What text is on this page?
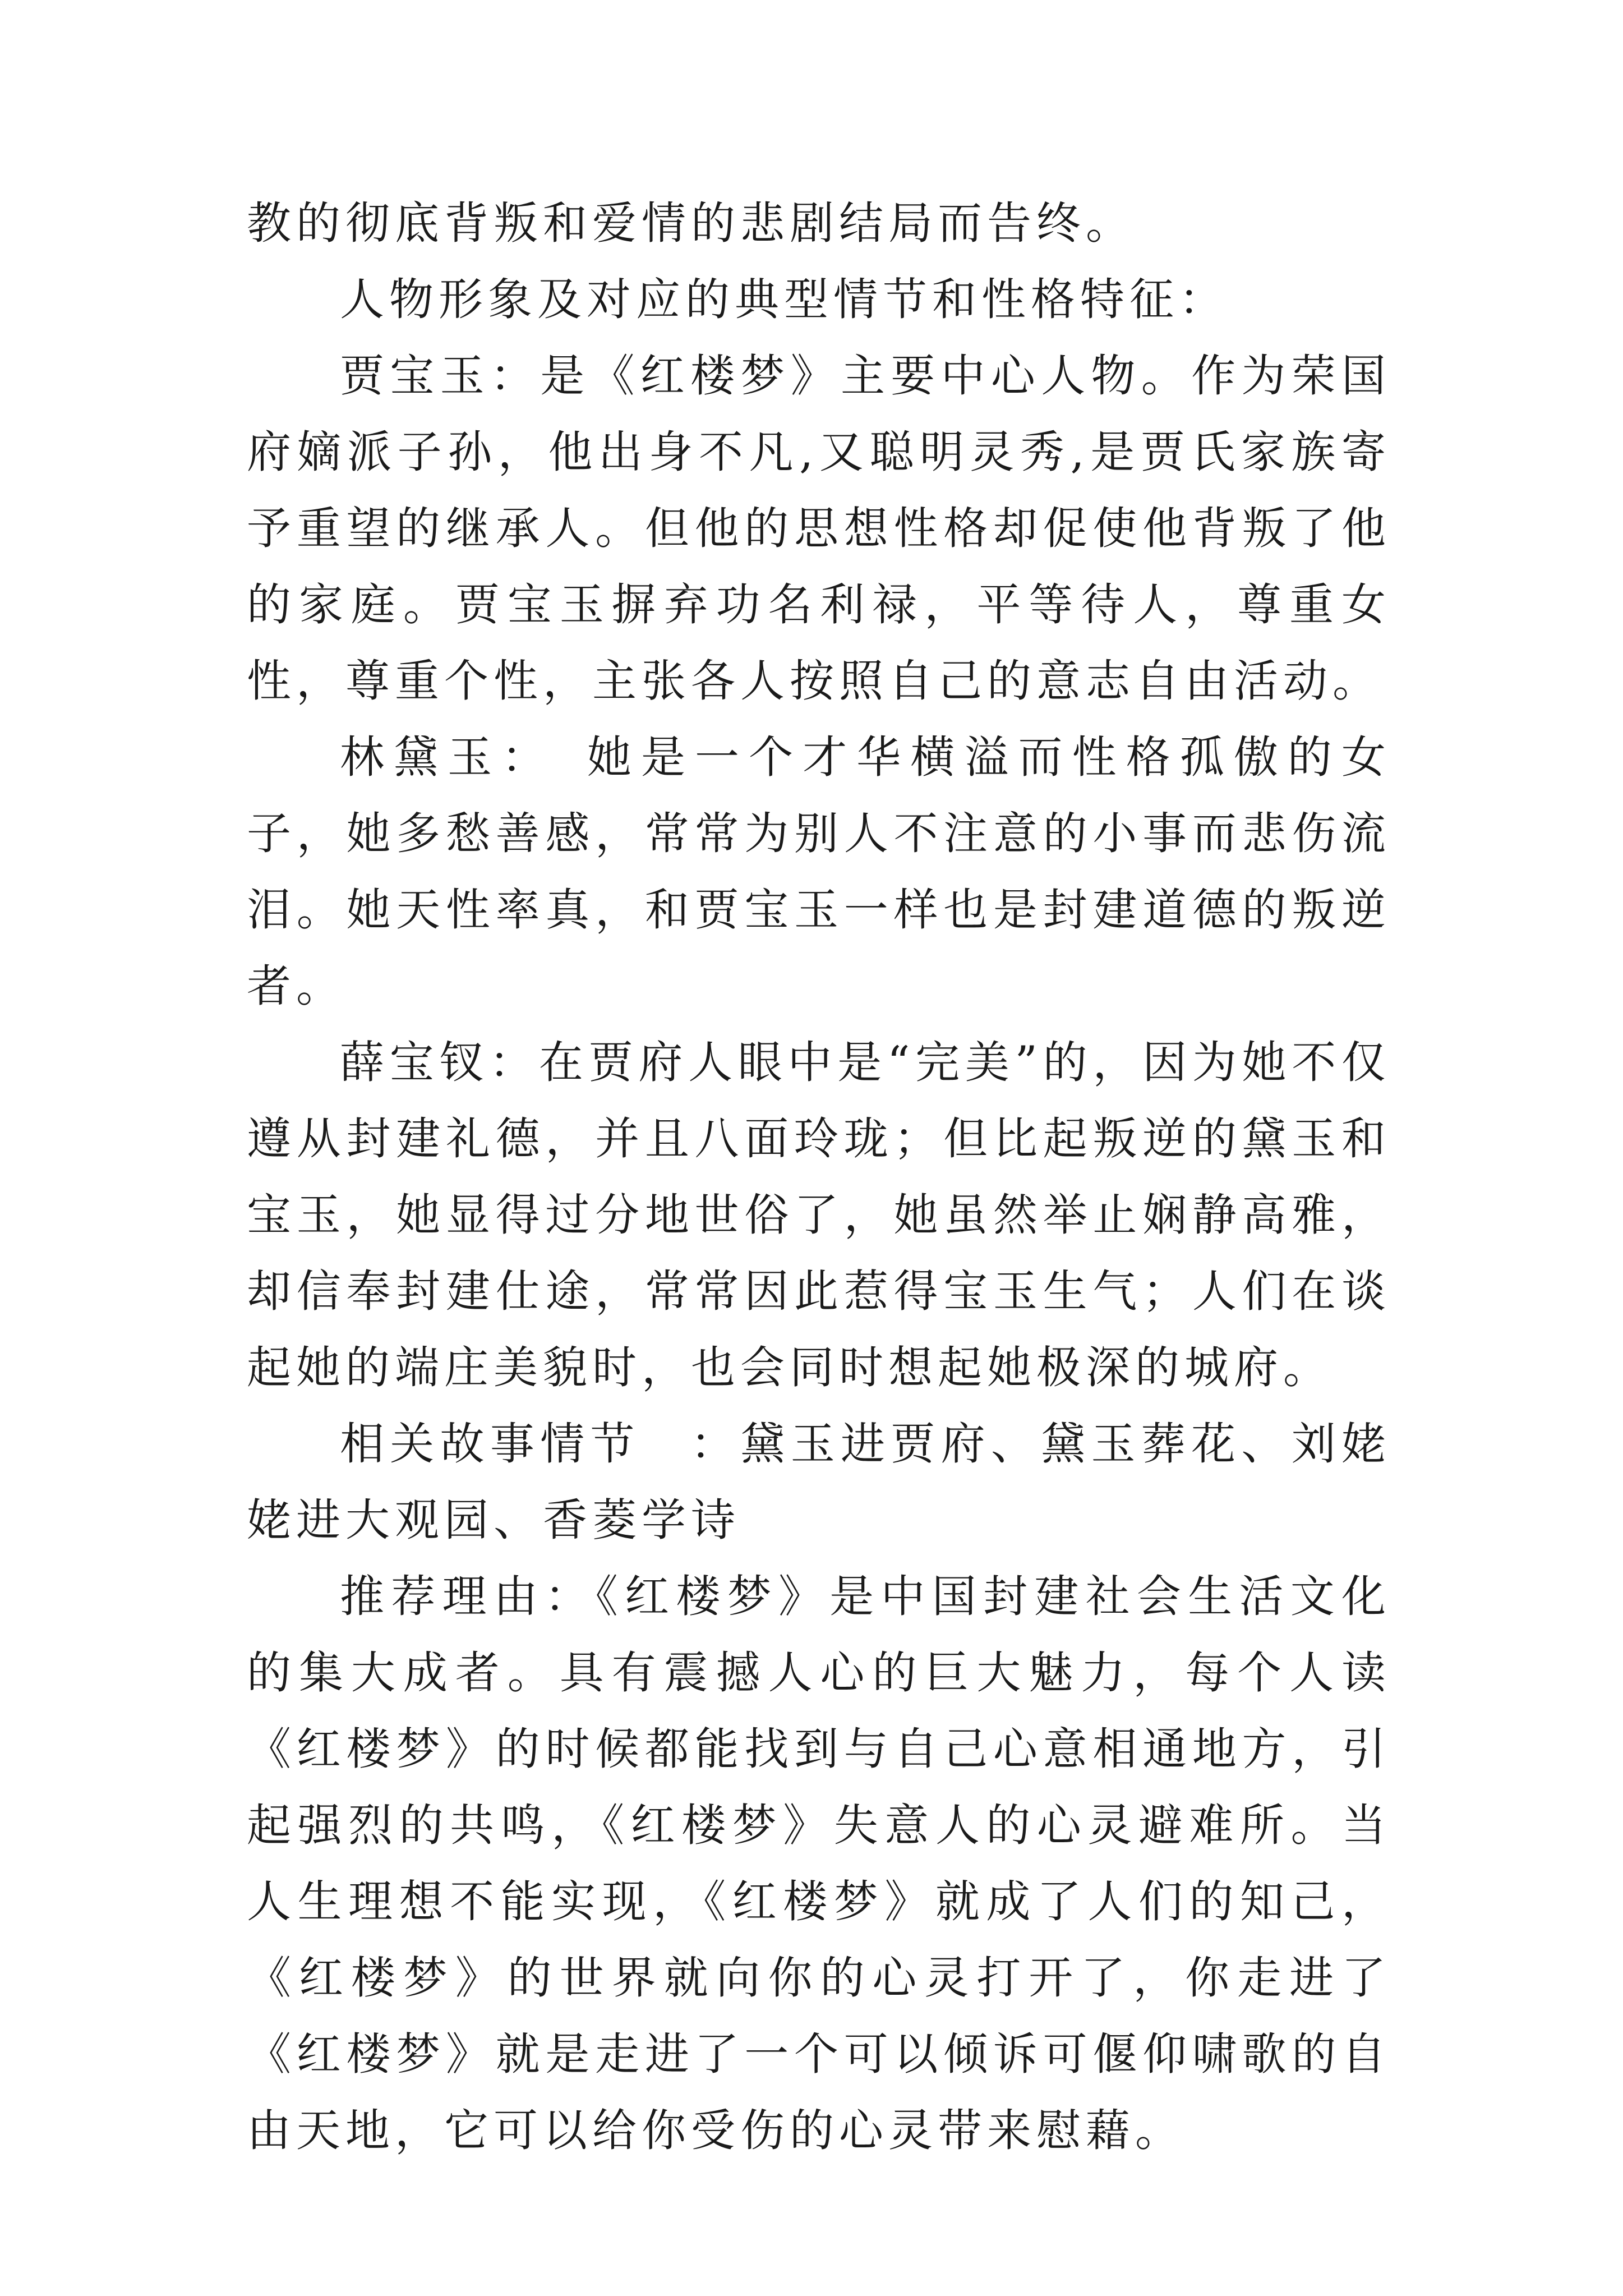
教的彻底背叛和爱情的悲剧结局而告终。

人物形象及对应的典型情节和性格特征：

贾宝玉：是《红楼梦》主要中心人物。作为荣国府嫡派子孙，他出身不凡,又聪明灵秀,是贾氏家族寄予重望的继承人。但他的思想性格却促使他背叛了他的家庭。贾宝玉摒弃功名利禄，平等待人，尊重女性，尊重个性，主张各人按照自己的意志自由活动。

林黛玉：　她是一个才华横溢而性格孤傲的女子，她多愁善感，常常为别人不注意的小事而悲伤流泪。她天性率真，和贾宝玉一样也是封建道德的叛逆者。

薛宝钗：在贾府人眼中是“完美”的，因为她不仅遵从封建礼德，并且八面玲珑；但比起叛逆的黛玉和宝玉，她显得过分地世俗了，她虽然举止娴静高雅，却信奉封建仕途，常常因此惹得宝玉生气；人们在谈起她的端庄美貌时，也会同时想起她极深的城府。

相关故事情节　：黛玉进贾府、黛玉葬花、刘姥姥进大观园、香菱学诗

推荐理由：《红楼梦》是中国封建社会生活文化的集大成者。具有震撼人心的巨大魅力，每个人读《红楼梦》的时候都能找到与自己心意相通地方，引起强烈的共鸣，《红楼梦》失意人的心灵避难所。当人生理想不能实现，《红楼梦》就成了人们的知己，《红楼梦》的世界就向你的心灵打开了，你走进了《红楼梦》就是走进了一个可以倾诉可偃仰啸歌的自由天地，它可以给你受伤的心灵带来慰藉。
